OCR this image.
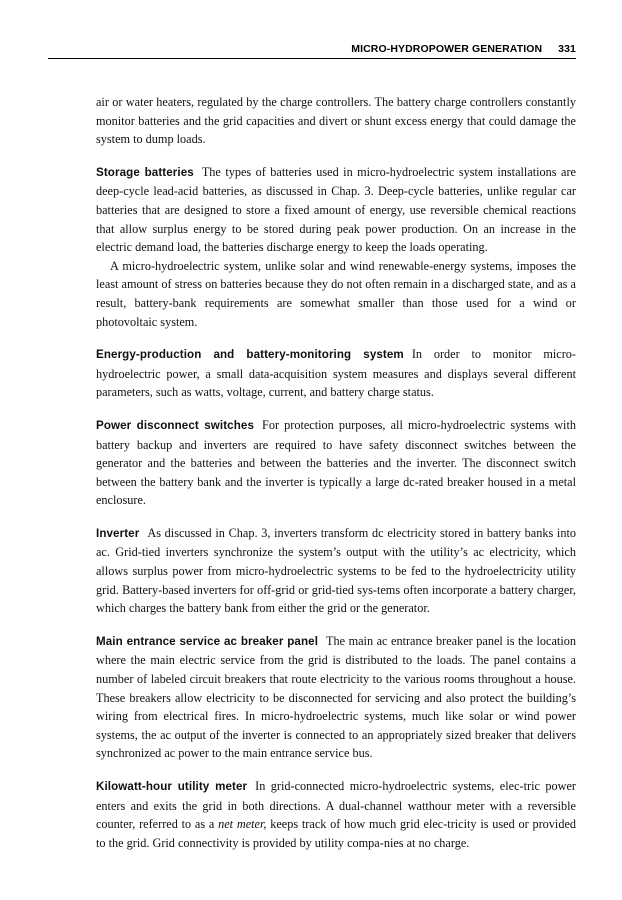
MICRO-HYDROPOWER GENERATION 331

air or water heaters, regulated by the charge controllers. The battery charge controllers constantly monitor batteries and the grid capacities and divert or shunt excess energy that could damage the system to dump loads.

Storage batteries The types of batteries used in micro-hydroelectric system installations are deep-cycle lead-acid batteries, as discussed in Chap. 3. Deep-cycle batteries, unlike regular car batteries that are designed to store a fixed amount of energy, use reversible chemical reactions that allow surplus energy to be stored during peak power production. On an increase in the electric demand load, the batteries discharge energy to keep the loads operating.

A micro-hydroelectric system, unlike solar and wind renewable-energy systems, imposes the least amount of stress on batteries because they do not often remain in a discharged state, and as a result, battery-bank requirements are somewhat smaller than those used for a wind or photovoltaic system.

Energy-production and battery-monitoring system In order to monitor micro-hydroelectric power, a small data-acquisition system measures and displays several different parameters, such as watts, voltage, current, and battery charge status.

Power disconnect switches For protection purposes, all micro-hydroelectric systems with battery backup and inverters are required to have safety disconnect switches between the generator and the batteries and between the batteries and the inverter. The disconnect switch between the battery bank and the inverter is typically a large dc-rated breaker housed in a metal enclosure.

Inverter As discussed in Chap. 3, inverters transform dc electricity stored in battery banks into ac. Grid-tied inverters synchronize the system’s output with the utility’s ac electricity, which allows surplus power from micro-hydroelectric systems to be fed to the hydroelectricity utility grid. Battery-based inverters for off-grid or grid-tied sys-tems often incorporate a battery charger, which charges the battery bank from either the grid or the generator.

Main entrance service ac breaker panel The main ac entrance breaker panel is the location where the main electric service from the grid is distributed to the loads. The panel contains a number of labeled circuit breakers that route electricity to the various rooms throughout a house. These breakers allow electricity to be disconnected for servicing and also protect the building’s wiring from electrical fires. In micro-hydroelectric systems, much like solar or wind power systems, the ac output of the inverter is connected to an appropriately sized breaker that delivers synchronized ac power to the main entrance service bus.

Kilowatt-hour utility meter In grid-connected micro-hydroelectric systems, elec-tric power enters and exits the grid in both directions. A dual-channel watthour meter with a reversible counter, referred to as a net meter, keeps track of how much grid elec-tricity is used or provided to the grid. Grid connectivity is provided by utility compa-nies at no charge.
